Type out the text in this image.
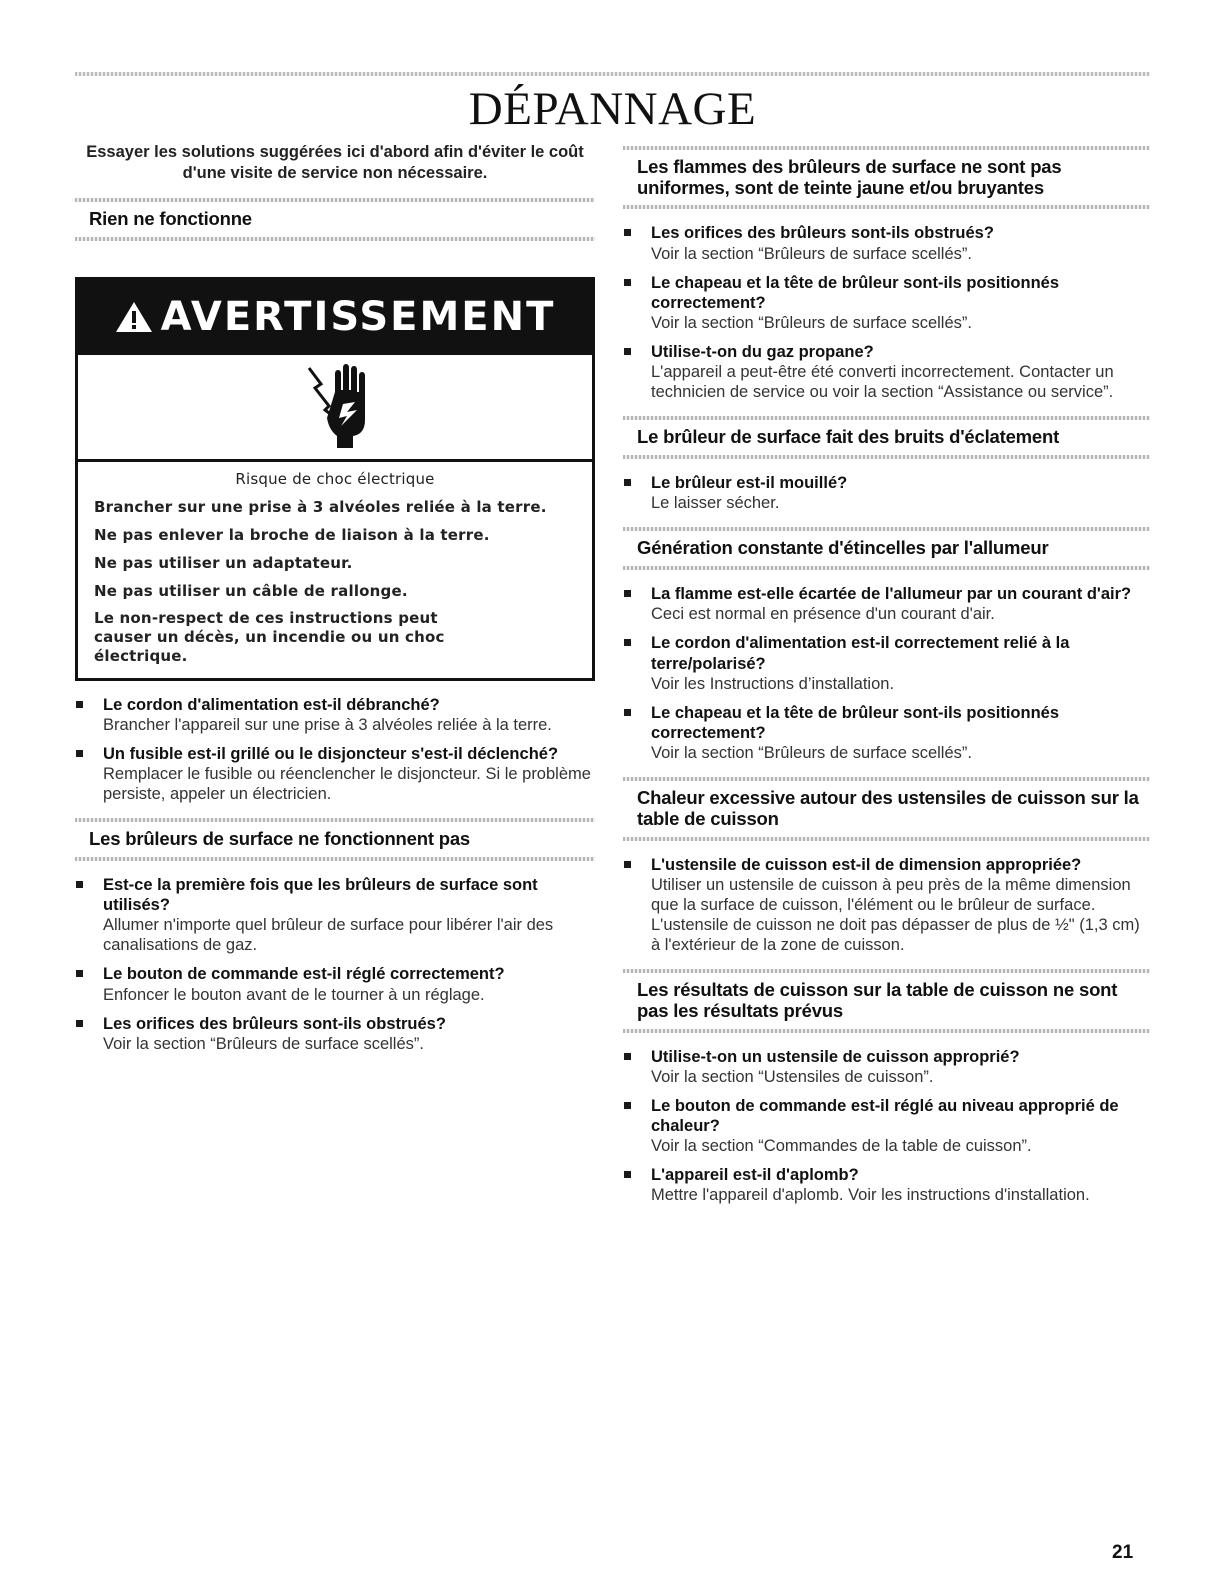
DÉPANNAGE

Essayer les solutions suggérées ici d'abord afin d'éviter le coût d'une visite de service non nécessaire.

Rien ne fonctionne
AVERTISSEMENT

Risque de choc électrique

Brancher sur une prise à 3 alvéoles reliée à la terre.

Ne pas enlever la broche de liaison à la terre.

Ne pas utiliser un adaptateur.

Ne pas utiliser un câble de rallonge.

Le non-respect de ces instructions peut causer un décès, un incendie ou un choc électrique.

Le cordon d'alimentation est-il débranché?
Brancher l'appareil sur une prise à 3 alvéoles reliée à la terre.
Un fusible est-il grillé ou le disjoncteur s'est-il déclenché?
Remplacer le fusible ou réenclencher le disjoncteur. Si le problème persiste, appeler un électricien.
Les brûleurs de surface ne fonctionnent pas
Est-ce la première fois que les brûleurs de surface sont utilisés?
Allumer n'importe quel brûleur de surface pour libérer l'air des canalisations de gaz.
Le bouton de commande est-il réglé correctement?
Enfoncer le bouton avant de le tourner à un réglage.
Les orifices des brûleurs sont-ils obstrués?
Voir la section “Brûleurs de surface scellés”.
Les flammes des brûleurs de surface ne sont pas uniformes, sont de teinte jaune et/ou bruyantes
Les orifices des brûleurs sont-ils obstrués?
Voir la section “Brûleurs de surface scellés”.
Le chapeau et la tête de brûleur sont-ils positionnés correctement?
Voir la section “Brûleurs de surface scellés”.
Utilise-t-on du gaz propane?
L'appareil a peut-être été converti incorrectement. Contacter un technicien de service ou voir la section “Assistance ou service”.
Le brûleur de surface fait des bruits d'éclatement
Le brûleur est-il mouillé?
Le laisser sécher.
Génération constante d'étincelles par l'allumeur
La flamme est-elle écartée de l'allumeur par un courant d'air?
Ceci est normal en présence d'un courant d'air.
Le cordon d'alimentation est-il correctement relié à la terre/polarisé?
Voir les Instructions d’installation.
Le chapeau et la tête de brûleur sont-ils positionnés correctement?
Voir la section “Brûleurs de surface scellés”.
Chaleur excessive autour des ustensiles de cuisson sur la table de cuisson
L'ustensile de cuisson est-il de dimension appropriée?
Utiliser un ustensile de cuisson à peu près de la même dimension que la surface de cuisson, l'élément ou le brûleur de surface. L'ustensile de cuisson ne doit pas dépasser de plus de ½" (1,3 cm) à l'extérieur de la zone de cuisson.
Les résultats de cuisson sur la table de cuisson ne sont pas les résultats prévus
Utilise-t-on un ustensile de cuisson approprié?
Voir la section “Ustensiles de cuisson”.
Le bouton de commande est-il réglé au niveau approprié de chaleur?
Voir la section “Commandes de la table de cuisson”.
L'appareil est-il d'aplomb?
Mettre l'appareil d'aplomb. Voir les instructions d'installation.
21
